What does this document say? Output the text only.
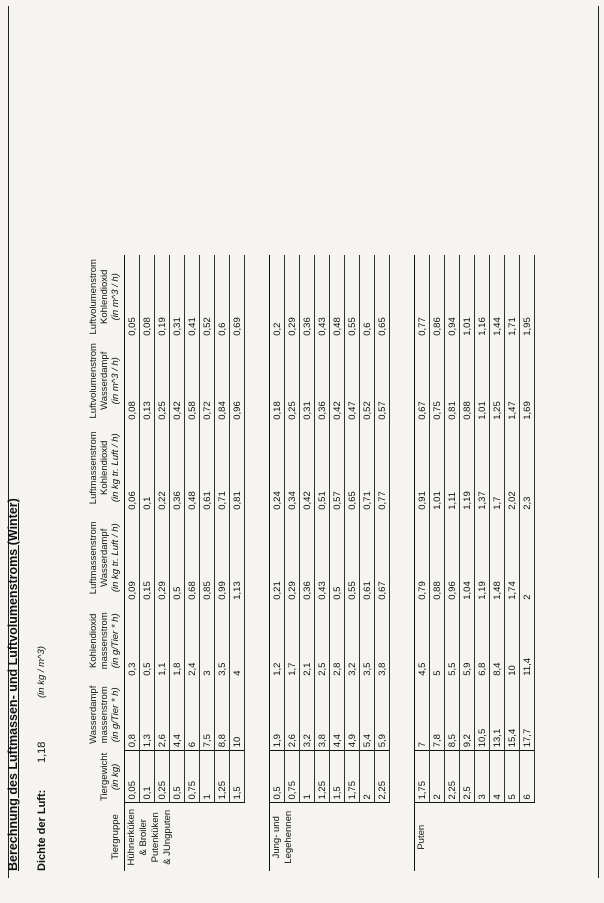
Berechnung des Luftmassen- und Luftvolumenstroms (Winter) Dichte der Luft:
1,18
(in kg / m^3)
Tiergruppe	Tiergewicht (in kg)	Wasserdampf massenstrom (in g/Tier * h)	Kohlendioxid massenstrom (in g/Tier * h)	Luftmassenstrom Wasserdampf (in kg tr. Luft / h)	Luftmassenstrom Kohlendioxid (in kg tr. Luft / h)	Luftvolumenstrom Wasserdampf (in m^3 / h)	Luftvolumenstrom Kohlendioxid (in m^3 / h)

Hühnerküken & Broiler Putenküken & JUngputen	0,05	0,8	0,3	0,09	0,06	0,08	0,05
	0,1	1,3	0,5	0,15	0,1	0,13	0,08
	0,25	2,6	1,1	0,29	0,22	0,25	0,19
	0,5	4,4	1,8	0,5	0,36	0,42	0,31
	0,75	6	2,4	0,68	0,48	0,58	0,41
	1	7,5	3	0,85	0,61	0,72	0,52
	1,25	8,8	3,5	0,99	0,71	0,84	0,6
	1,5	10	4	1,13	0,81	0,96	0,69

Jung- und Legehennen	0,5	1,9	1,2	0,21	0,24	0,18	0,2
	0,75	2,6	1,7	0,29	0,34	0,25	0,29
	1	3,2	2,1	0,36	0,42	0,31	0,36
	1,25	3,8	2,5	0,43	0,51	0,36	0,43
	1,5	4,4	2,8	0,5	0,57	0,42	0,48
	1,75	4,9	3,2	0,55	0,65	0,47	0,55
	2	5,4	3,5	0,61	0,71	0,52	0,6
	2,25	5,9	3,8	0,67	0,77	0,57	0,65

Puten	1,75	7	4,5	0,79	0,91	0,67	0,77
	2	7,8	5	0,88	1,01	0,75	0,86
	2,25	8,5	5,5	0,96	1,11	0,81	0,94
	2,5	9,2	5,9	1,04	1,19	0,88	1,01
	3	10,5	6,8	1,19	1,37	1,01	1,16
	4	13,1	8,4	1,48	1,7	1,25	1,44
	5	15,4	10	1,74	2,02	1,47	1,71
	6	17,7	11,4	2	2,3	1,69	1,95
